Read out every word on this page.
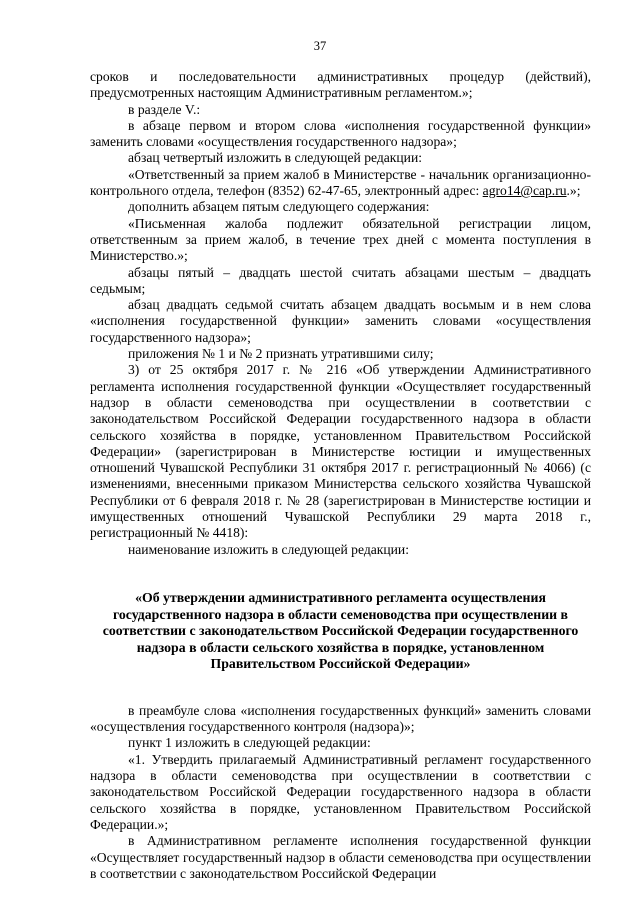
37

сроков и последовательности административных процедур (действий), предусмотренных настоящим Административным регламентом.»;

в разделе V.:

в абзаце первом и втором слова «исполнения государственной функции» заменить словами «осуществления государственного надзора»;

абзац четвертый изложить в следующей редакции:

«Ответственный за прием жалоб в Министерстве - начальник организационно-контрольного отдела, телефон (8352) 62-47-65, электронный адрес: agro14@cap.ru.»;

дополнить абзацем пятым следующего содержания:

«Письменная жалоба подлежит обязательной регистрации лицом, ответственным за прием жалоб, в течение трех дней с момента поступления в Министерство.»;

абзацы пятый – двадцать шестой считать абзацами шестым – двадцать седьмым;

абзац двадцать седьмой считать абзацем двадцать восьмым и в нем слова «исполнения государственной функции» заменить словами «осуществления государственного надзора»;

приложения № 1 и № 2 признать утратившими силу;

3) от 25 октября 2017 г. № 216 «Об утверждении Административного регламента исполнения государственной функции «Осуществляет государственный надзор в области семеноводства при осуществлении в соответствии с законодательством Российской Федерации государственного надзора в области сельского хозяйства в порядке, установленном Правительством Российской Федерации» (зарегистрирован в Министерстве юстиции и имущественных отношений Чувашской Республики 31 октября 2017 г. регистрационный № 4066) (с изменениями, внесенными приказом Министерства сельского хозяйства Чувашской Республики от 6 февраля 2018 г. № 28 (зарегистрирован в Министерстве юстиции и имущественных отношений Чувашской Республики 29 марта 2018 г., регистрационный № 4418):

наименование изложить в следующей редакции:

«Об утверждении административного регламента осуществления государственного надзора в области семеноводства при осуществлении в соответствии с законодательством Российской Федерации государственного надзора в области сельского хозяйства в порядке, установленном Правительством Российской Федерации»

в преамбуле слова «исполнения государственных функций» заменить словами «осуществления государственного контроля (надзора)»;

пункт 1 изложить в следующей редакции:

«1. Утвердить прилагаемый Административный регламент государственного надзора в области семеноводства при осуществлении в соответствии с законодательством Российской Федерации государственного надзора в области сельского хозяйства в порядке, установленном Правительством Российской Федерации.»;

в Административном регламенте исполнения государственной функции «Осуществляет государственный надзор в области семеноводства при осуществлении в соответствии с законодательством Российской Федерации
